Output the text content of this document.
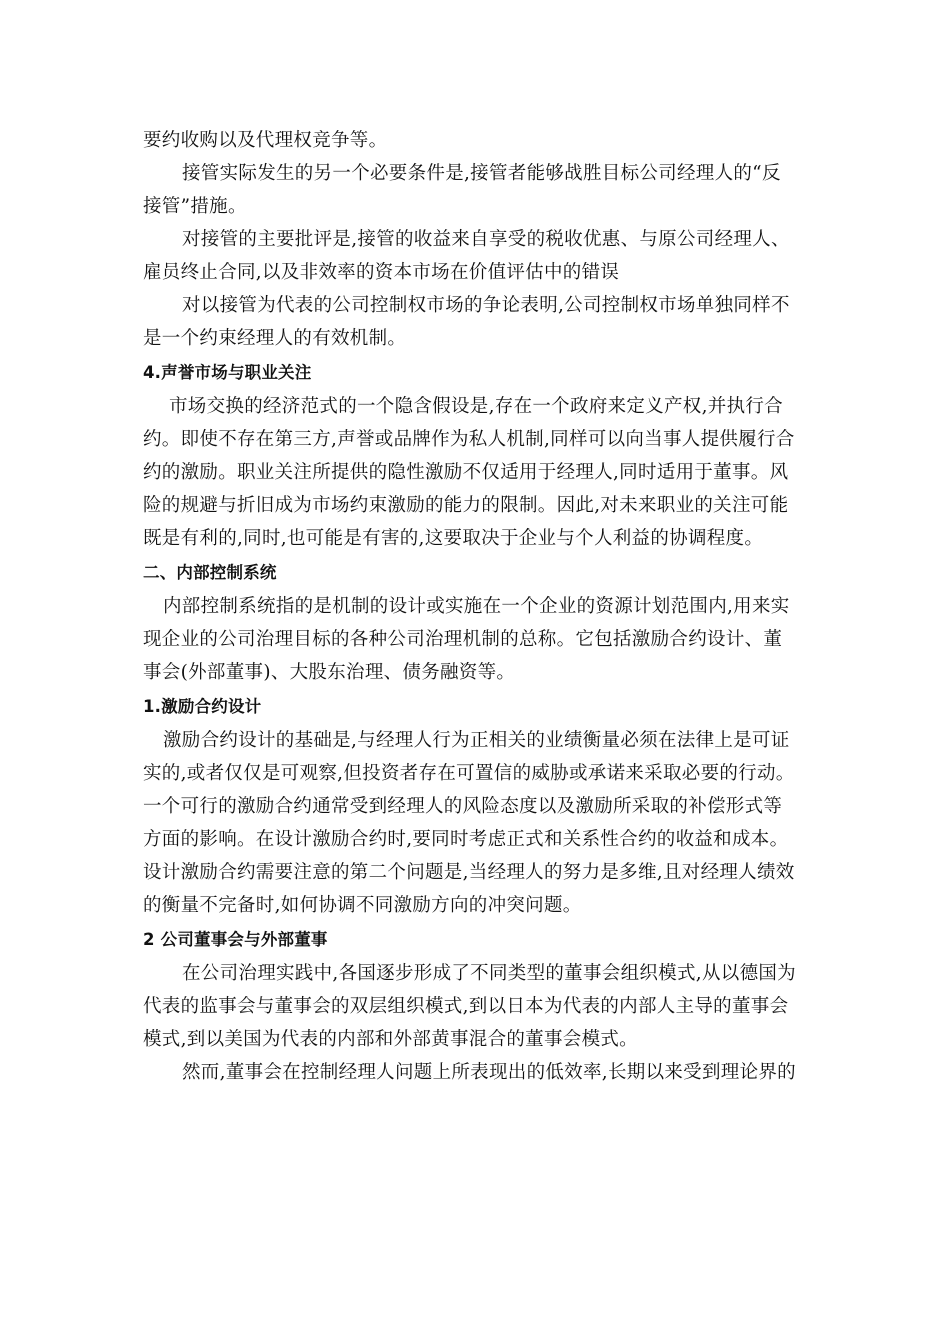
要约收购以及代理权竞争等。
接管实际发生的另一个必要条件是,接管者能够战胜目标公司经理人的“反
接管”措施。
对接管的主要批评是,接管的收益来自享受的税收优惠、与原公司经理人、
雇员终止合同,以及非效率的资本市场在价值评估中的错误
对以接管为代表的公司控制权市场的争论表明,公司控制权市场单独同样不
是一个约束经理人的有效机制。
4.声誉市场与职业关注
市场交换的经济范式的一个隐含假设是,存在一个政府来定义产权,并执行合
约。即使不存在第三方,声誉或品牌作为私人机制,同样可以向当事人提供履行合
约的激励。职业关注所提供的隐性激励不仅适用于经理人,同时适用于董事。风
险的规避与折旧成为市场约束激励的能力的限制。因此,对未来职业的关注可能
既是有利的,同时,也可能是有害的,这要取决于企业与个人利益的协调程度。
二、内部控制系统
内部控制系统指的是机制的设计或实施在一个企业的资源计划范围内,用来实
现企业的公司治理目标的各种公司治理机制的总称。它包括激励合约设计、董
事会(外部董事)、大股东治理、债务融资等。
1.激励合约设计
激励合约设计的基础是,与经理人行为正相关的业绩衡量必须在法律上是可证
实的,或者仅仅是可观察,但投资者存在可置信的威胁或承诺来采取必要的行动。
一个可行的激励合约通常受到经理人的风险态度以及激励所采取的补偿形式等
方面的影响。在设计激励合约时,要同时考虑正式和关系性合约的收益和成本。
设计激励合约需要注意的第二个问题是,当经理人的努力是多维,且对经理人绩效
的衡量不完备时,如何协调不同激励方向的冲突问题。
2 公司董事会与外部董事
在公司治理实践中,各国逐步形成了不同类型的董事会组织模式,从以德国为
代表的监事会与董事会的双层组织模式,到以日本为代表的内部人主导的董事会
模式,到以美国为代表的内部和外部黄事混合的董事会模式。
然而,董事会在控制经理人问题上所表现出的低效率,长期以来受到理论界的
